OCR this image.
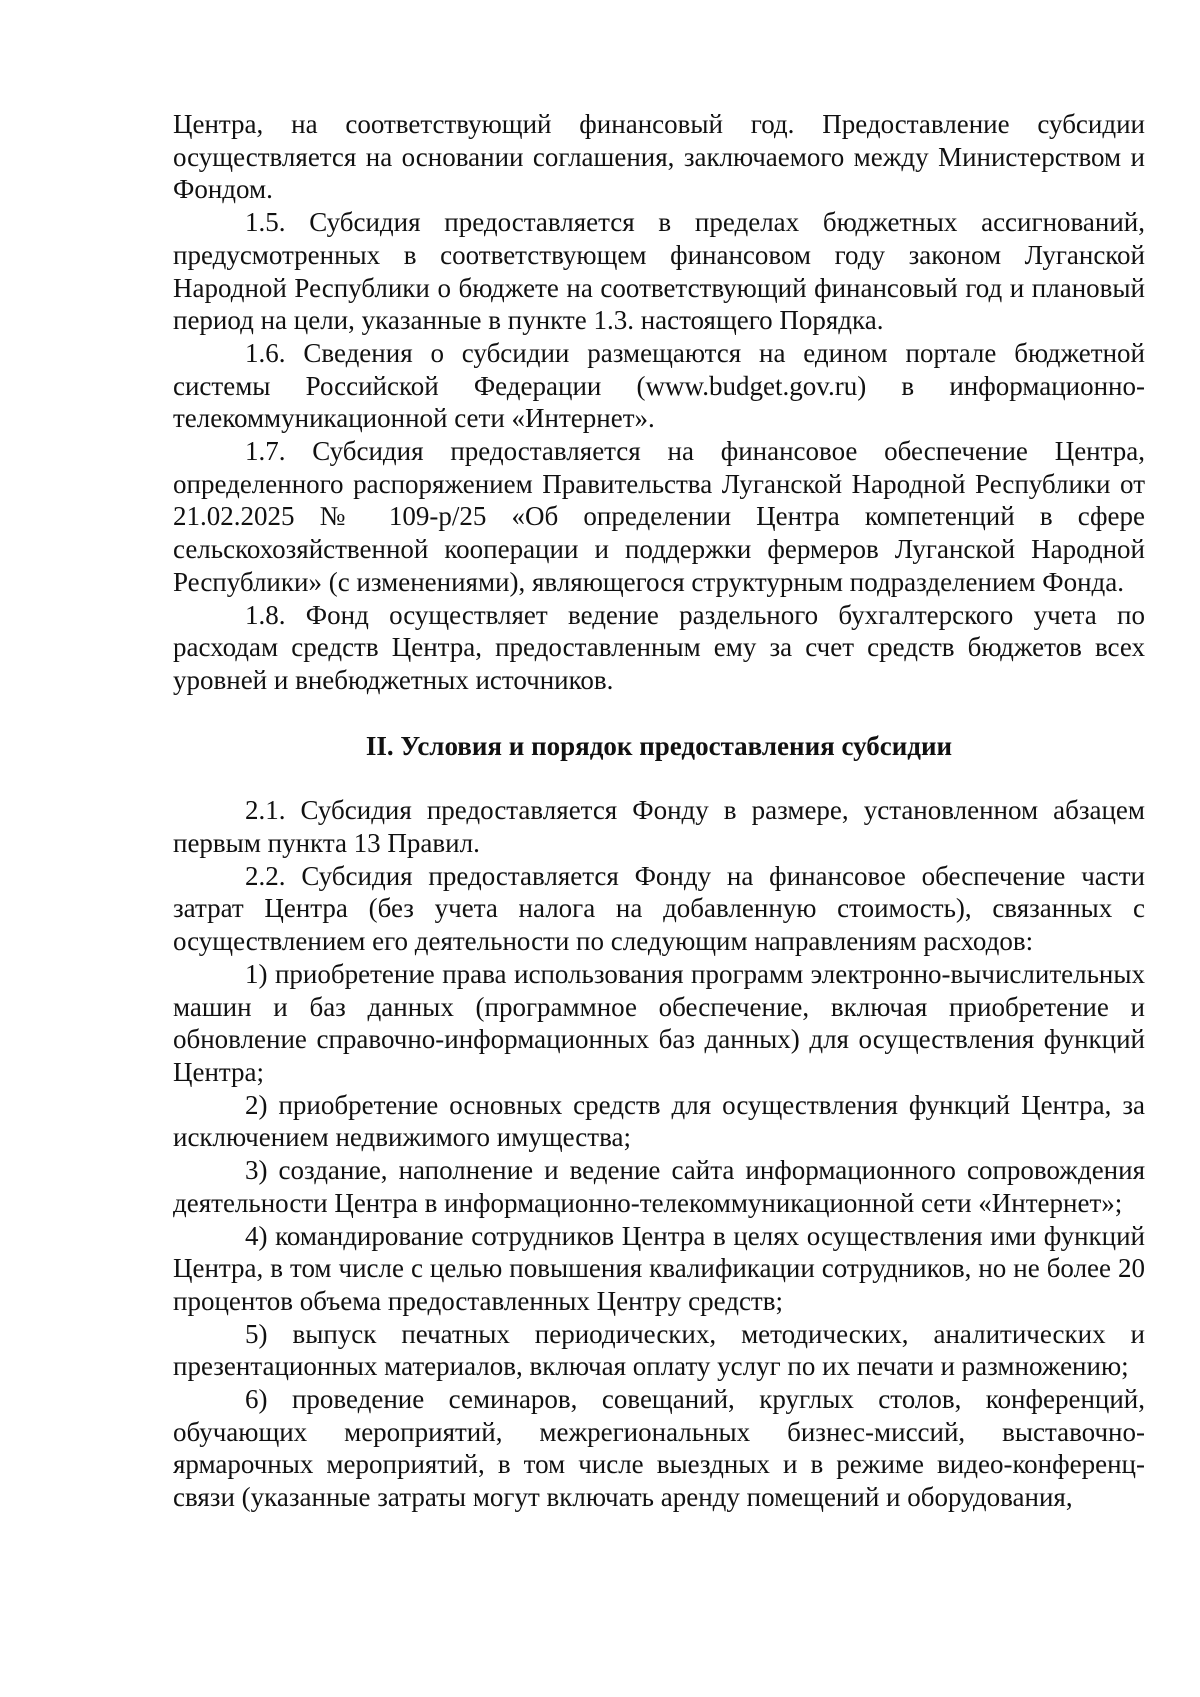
Центра, на соответствующий финансовый год. Предоставление субсидии осуществляется на основании соглашения, заключаемого между Министерством и Фондом.

1.5. Субсидия предоставляется в пределах бюджетных ассигнований, предусмотренных в соответствующем финансовом году законом Луганской Народной Республики о бюджете на соответствующий финансовый год и плановый период на цели, указанные в пункте 1.3. настоящего Порядка.

1.6. Сведения о субсидии размещаются на едином портале бюджетной системы Российской Федерации (www.budget.gov.ru) в информационно-телекоммуникационной сети «Интернет».

1.7. Субсидия предоставляется на финансовое обеспечение Центра, определенного распоряжением Правительства Луганской Народной Республики от 21.02.2025 № 109-р/25 «Об определении Центра компетенций в сфере сельскохозяйственной кооперации и поддержки фермеров Луганской Народной Республики» (с изменениями), являющегося структурным подразделением Фонда.

1.8. Фонд осуществляет ведение раздельного бухгалтерского учета по расходам средств Центра, предоставленным ему за счет средств бюджетов всех уровней и внебюджетных источников.

II. Условия и порядок предоставления субсидии

2.1. Субсидия предоставляется Фонду в размере, установленном абзацем первым пункта 13 Правил.

2.2. Субсидия предоставляется Фонду на финансовое обеспечение части затрат Центра (без учета налога на добавленную стоимость), связанных с осуществлением его деятельности по следующим направлениям расходов:

1) приобретение права использования программ электронно-вычислительных машин и баз данных (программное обеспечение, включая приобретение и обновление справочно-информационных баз данных) для осуществления функций Центра;

2) приобретение основных средств для осуществления функций Центра, за исключением недвижимого имущества;

3) создание, наполнение и ведение сайта информационного сопровождения деятельности Центра в информационно-телекоммуникационной сети «Интернет»;

4) командирование сотрудников Центра в целях осуществления ими функций Центра, в том числе с целью повышения квалификации сотрудников, но не более 20 процентов объема предоставленных Центру средств;

5) выпуск печатных периодических, методических, аналитических и презентационных материалов, включая оплату услуг по их печати и размножению;

6) проведение семинаров, совещаний, круглых столов, конференций, обучающих мероприятий, межрегиональных бизнес-миссий, выставочно-ярмарочных мероприятий, в том числе выездных и в режиме видео-конференц-связи (указанные затраты могут включать аренду помещений и оборудования,
